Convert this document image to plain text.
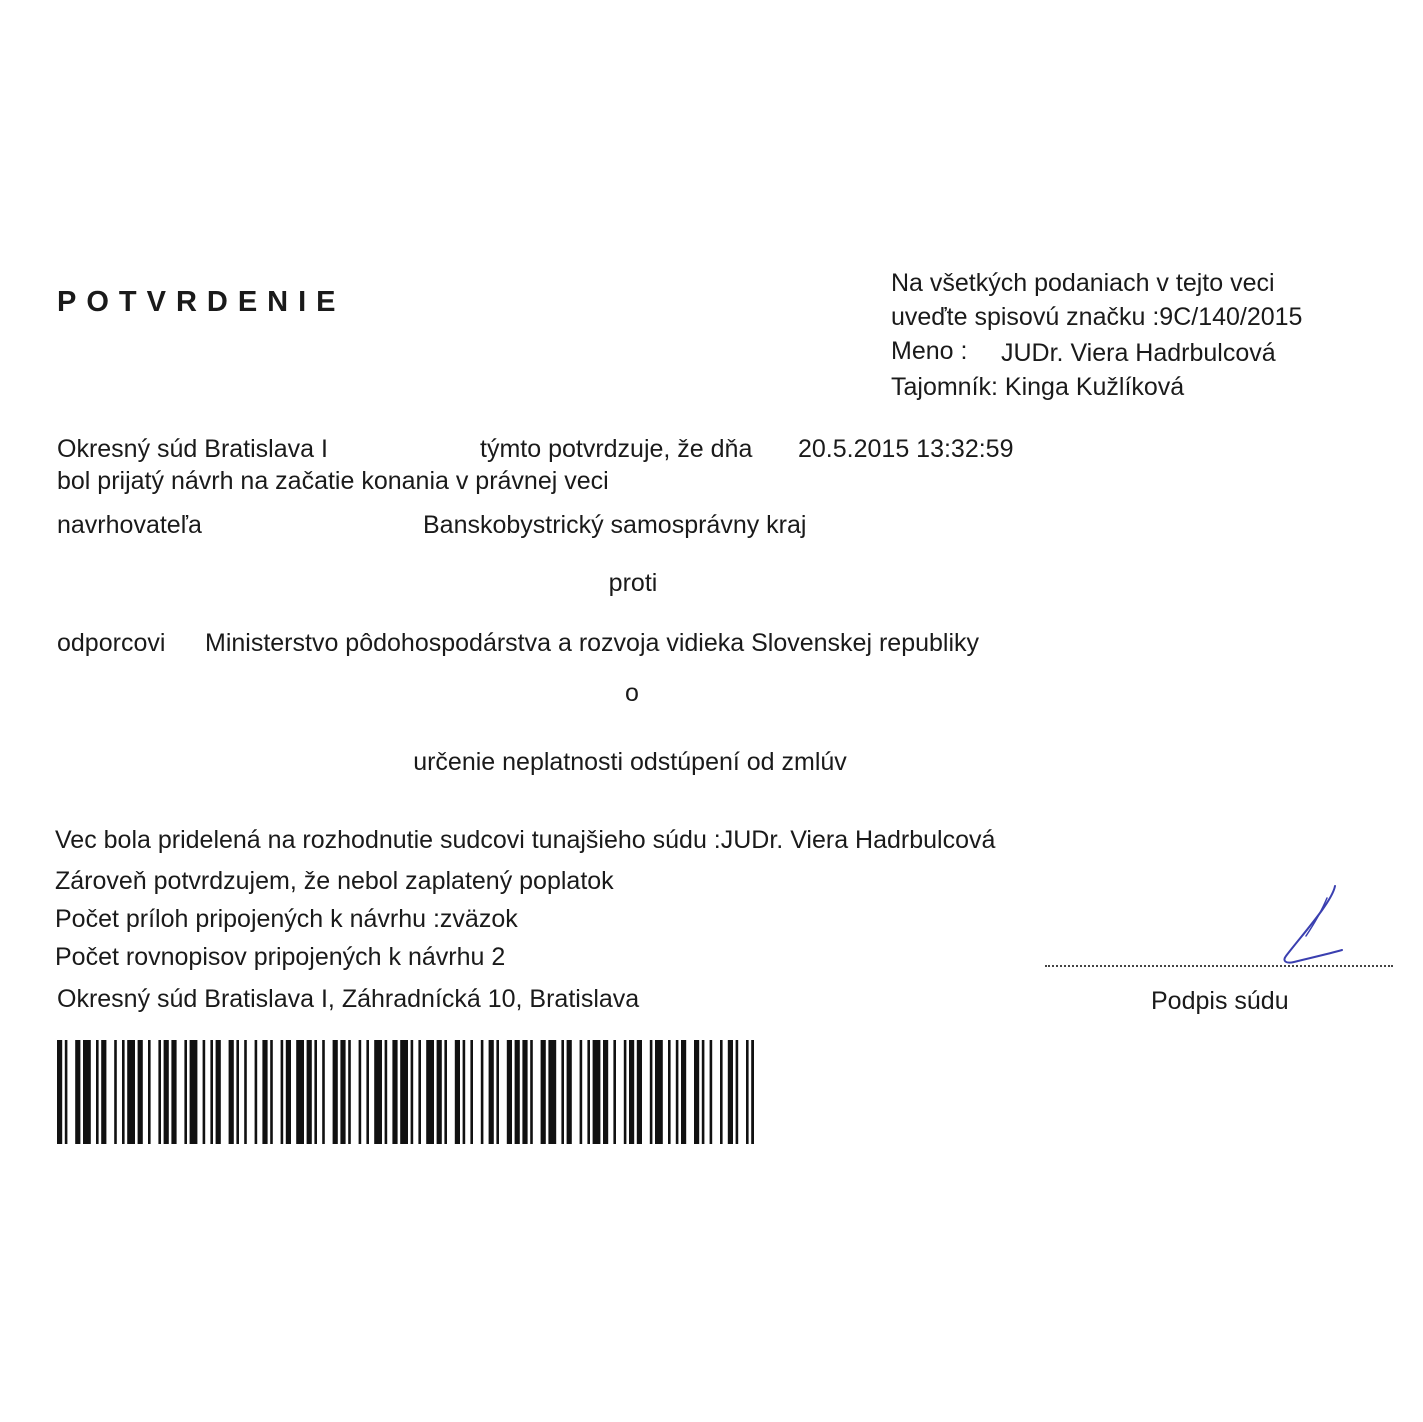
POTVRDENIE

Na všetkých podaniach v tejto veci

uveďte spisovú značku :9C/140/2015

Meno : JUDr. Viera Hadrbulcová

Tajomník: Kinga Kužlíková

Okresný súd Bratislava I	týmto potvrdzuje, že dňa 20.5.2015 13:32:59

bol prijatý návrh na začatie konania v právnej veci

navrhovateľa	Banskobystrický samosprávny kraj

proti

odporcovi Ministerstvo pôdohospodárstva a rozvoja vidieka Slovenskej republiky

o

určenie neplatnosti odstúpení od zmlúv

Vec bola pridelená na rozhodnutie sudcovi tunajšieho súdu :JUDr. Viera Hadrbulcová

Zároveň potvrdzujem, že nebol zaplatený poplatok

Počet príloh pripojených k návrhu :zväzok

Počet rovnopisov pripojených k návrhu 2

Okresný súd Bratislava I, Záhradnícká 10, Bratislava	Podpis súdu
